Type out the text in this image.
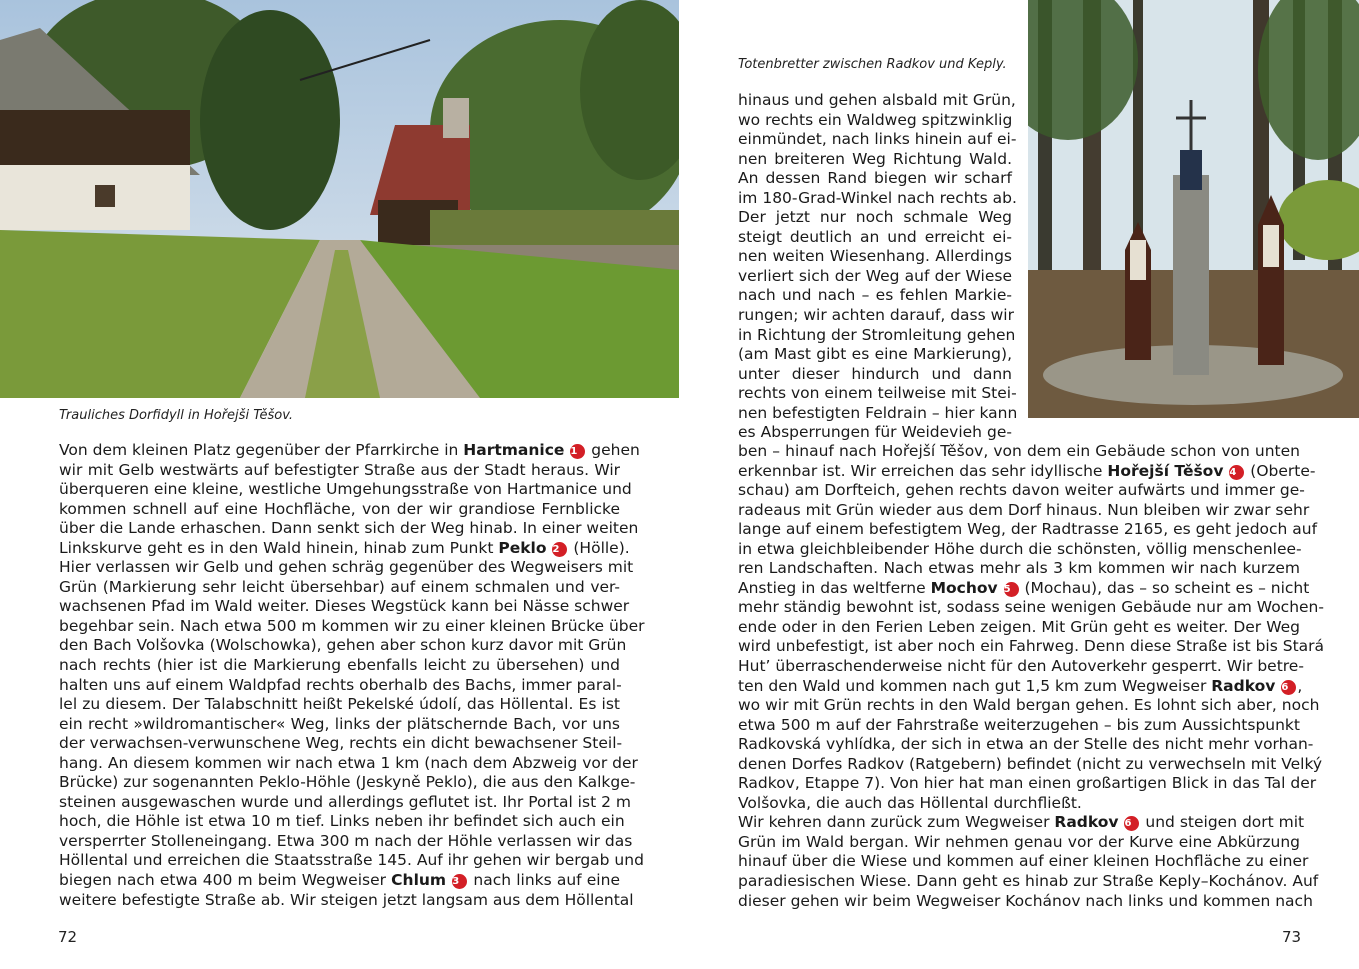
Trauliches Dorfidyll in Hořejši Těšov.
Von dem kleinen Platz gegenüber der Pfarrkirche in Hartmanice 1 gehen
wir mit Gelb westwärts auf befestigter Straße aus der Stadt heraus. Wir
überqueren eine kleine, westliche Umgehungsstraße von Hartmanice und
kommen schnell auf eine Hochfläche, von der wir grandiose Fernblicke
über die Lande erhaschen. Dann senkt sich der Weg hinab. In einer weiten
Linkskurve geht es in den Wald hinein, hinab zum Punkt Peklo 2 (Hölle).
Hier verlassen wir Gelb und gehen schräg gegenüber des Wegweisers mit
Grün (Markierung sehr leicht übersehbar) auf einem schmalen und ver-
wachsenen Pfad im Wald weiter. Dieses Wegstück kann bei Nässe schwer
begehbar sein. Nach etwa 500 m kommen wir zu einer kleinen Brücke über
den Bach Volšovka (Wolschowka), gehen aber schon kurz davor mit Grün
nach rechts (hier ist die Markierung ebenfalls leicht zu übersehen) und
halten uns auf einem Waldpfad rechts oberhalb des Bachs, immer paral-
lel zu diesem. Der Talabschnitt heißt Pekelské údolí, das Höllental. Es ist
ein recht »wildromantischer« Weg, links der plätschernde Bach, vor uns
der verwachsen-verwunschene Weg, rechts ein dicht bewachsener Steil-
hang. An diesem kommen wir nach etwa 1 km (nach dem Abzweig vor der
Brücke) zur sogenannten Peklo-Höhle (Jeskyně Peklo), die aus den Kalkge-
steinen ausgewaschen wurde und allerdings geflutet ist. Ihr Portal ist 2 m
hoch, die Höhle ist etwa 10 m tief. Links neben ihr befindet sich auch ein
versperrter Stolleneingang. Etwa 300 m nach der Höhle verlassen wir das
Höllental und erreichen die Staatsstraße 145. Auf ihr gehen wir bergab und
biegen nach etwa 400 m beim Wegweiser Chlum 3 nach links auf eine
weitere befestigte Straße ab. Wir steigen jetzt langsam aus dem Höllental
72
Totenbretter zwischen Radkov und Keply.
hinaus und gehen alsbald mit Grün,
wo rechts ein Waldweg spitzwinklig
einmündet, nach links hinein auf ei-
nen breiteren Weg Richtung Wald.
An dessen Rand biegen wir scharf
im 180-Grad-Winkel nach rechts ab.
Der jetzt nur noch schmale Weg
steigt deutlich an und erreicht ei-
nen weiten Wiesenhang. Allerdings
verliert sich der Weg auf der Wiese
nach und nach – es fehlen Markie-
rungen; wir achten darauf, dass wir
in Richtung der Stromleitung gehen
(am Mast gibt es eine Markierung),
unter dieser hindurch und dann
rechts von einem teilweise mit Stei-
nen befestigten Feldrain – hier kann
es Absperrungen für Weidevieh ge-
ben – hinauf nach Hořejší Těšov, von dem ein Gebäude schon von unten
erkennbar ist. Wir erreichen das sehr idyllische Hořejší Těšov 4 (Oberte-
schau) am Dorfteich, gehen rechts davon weiter aufwärts und immer ge-
radeaus mit Grün wieder aus dem Dorf hinaus. Nun bleiben wir zwar sehr
lange auf einem befestigtem Weg, der Radtrasse 2165, es geht jedoch auf
in etwa gleichbleibender Höhe durch die schönsten, völlig menschenlee-
ren Landschaften. Nach etwas mehr als 3 km kommen wir nach kurzem
Anstieg in das weltferne Mochov 5 (Mochau), das – so scheint es – nicht
mehr ständig bewohnt ist, sodass seine wenigen Gebäude nur am Wochen-
ende oder in den Ferien Leben zeigen. Mit Grün geht es weiter. Der Weg
wird unbefestigt, ist aber noch ein Fahrweg. Denn diese Straße ist bis Stará
Hut’ überraschenderweise nicht für den Autoverkehr gesperrt. Wir betre-
ten den Wald und kommen nach gut 1,5 km zum Wegweiser Radkov 6 ,
wo wir mit Grün rechts in den Wald bergan gehen. Es lohnt sich aber, noch
etwa 500 m auf der Fahrstraße weiterzugehen – bis zum Aussichtspunkt
Radkovská vyhlídka, der sich in etwa an der Stelle des nicht mehr vorhan-
denen Dorfes Radkov (Ratgebern) befindet (nicht zu verwechseln mit Velký
Radkov, Etappe 7). Von hier hat man einen großartigen Blick in das Tal der
Volšovka, die auch das Höllental durchfließt.
Wir kehren dann zurück zum Wegweiser Radkov 6 und steigen dort mit
Grün im Wald bergan. Wir nehmen genau vor der Kurve eine Abkürzung
hinauf über die Wiese und kommen auf einer kleinen Hochfläche zu einer
paradiesischen Wiese. Dann geht es hinab zur Straße Keply–Kochánov. Auf
dieser gehen wir beim Wegweiser Kochánov nach links und kommen nach
73
